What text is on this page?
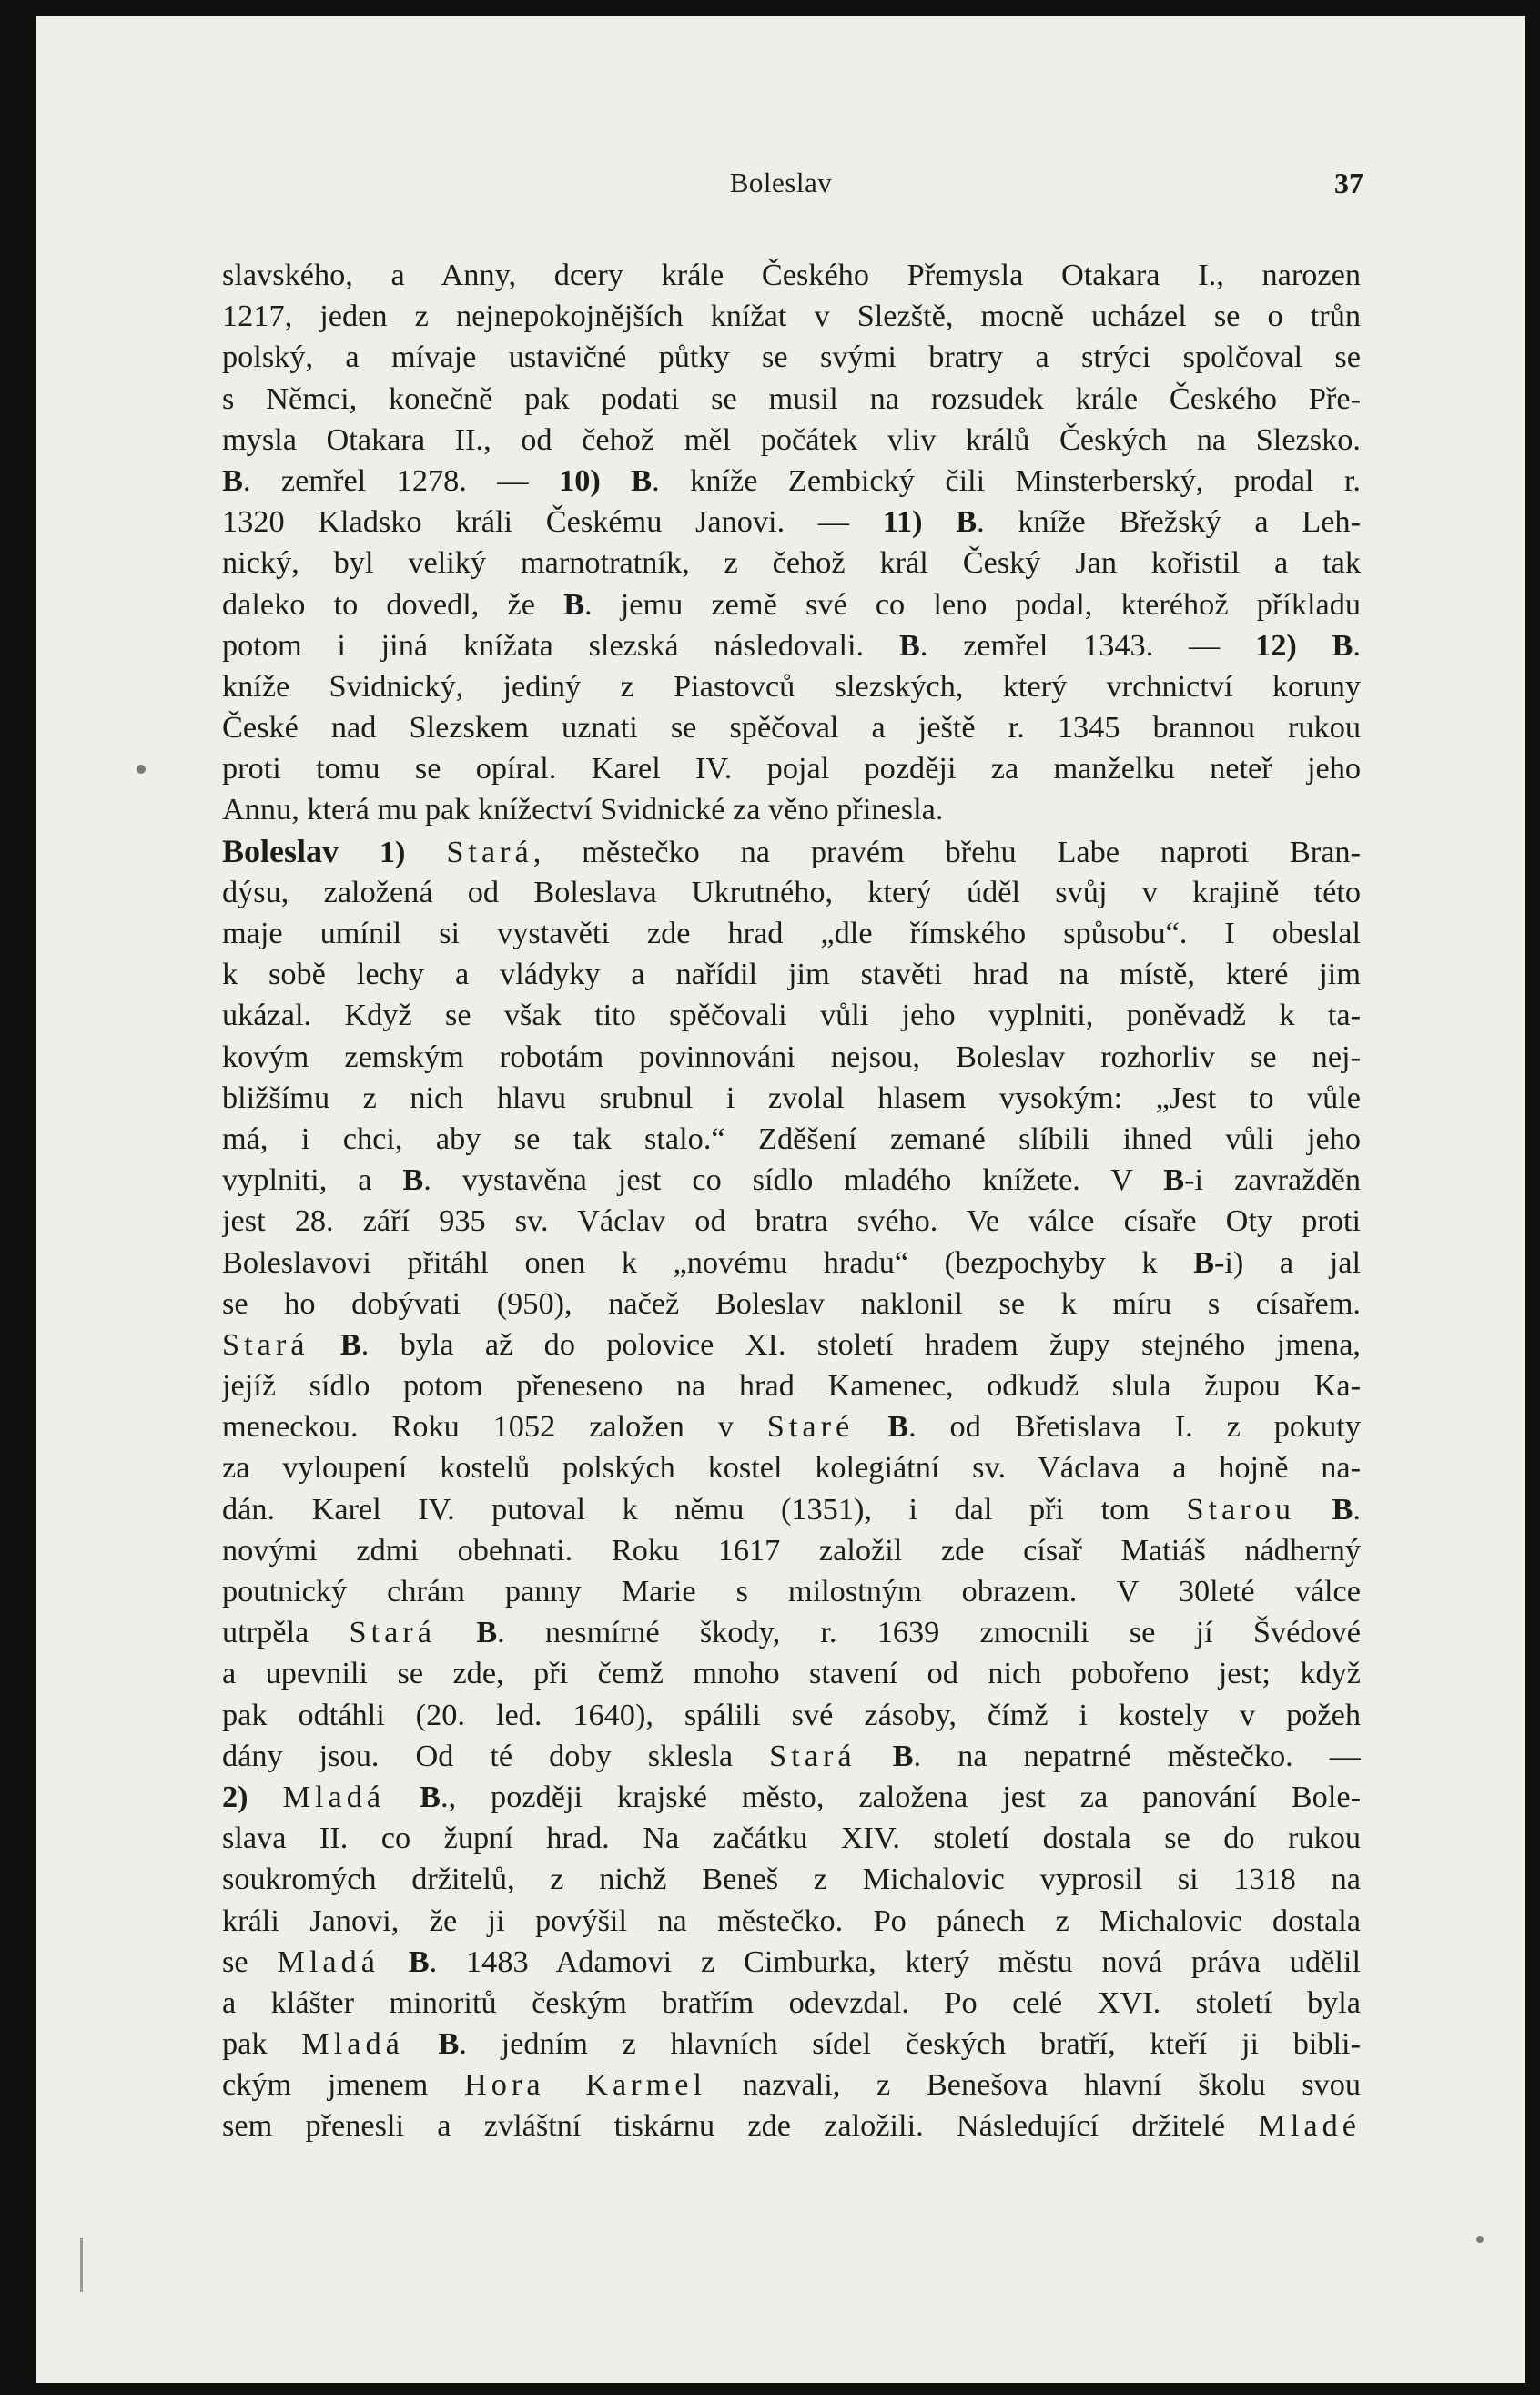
Boleslav	37
slavského, a Anny, dcery krále Českého Přemysla Otakara I., narozen
1217, jeden z nejnepokojnějších knížat v Slezště, mocně ucházel se o trůn
polský, a mívaje ustavičné půtky se svými bratry a strýci spolčoval se
s Němci, konečně pak podati se musil na rozsudek krále Českého Pře-
mysla Otakara II., od čehož měl počátek vliv králů Českých na Slezsko.
B. zemřel 1278. — 10) B. kníže Zembický čili Minsterberský, prodal r.
1320 Kladsko králi Českému Janovi. — 11) B. kníže Břežský a Leh-
nický, byl veliký marnotratník, z čehož král Český Jan kořistil a tak
daleko to dovedl, že B. jemu země své co leno podal, kteréhož příkladu
potom i jiná knížata slezská následovali. B. zemřel 1343. — 12) B.
kníže Svidnický, jediný z Piastovců slezských, který vrchnictví koruny
České nad Slezskem uznati se spěčoval a ještě r. 1345 brannou rukou
proti tomu se opíral. Karel IV. pojal později za manželku neteř jeho
Annu, která mu pak knížectví Svidnické za věno přinesla.
Boleslav 1) Stará, městečko na pravém břehu Labe naproti Bran-
dýsu, založená od Boleslava Ukrutného, který úděl svůj v krajině této
maje umínil si vystavěti zde hrad „dle římského spůsobu“. I obeslal
k sobě lechy a vládyky a nařídil jim stavěti hrad na místě, které jim
ukázal. Když se však tito spěčovali vůli jeho vyplniti, poněvadž k ta-
kovým zemským robotám povinnováni nejsou, Boleslav rozhorliv se nej-
bližšímu z nich hlavu srubnul i zvolal hlasem vysokým: „Jest to vůle
má, i chci, aby se tak stalo.“ Zděšení zemané slíbili ihned vůli jeho
vyplniti, a B. vystavěna jest co sídlo mladého knížete. V B-i zavražděn
jest 28. září 935 sv. Václav od bratra svého. Ve válce císaře Oty proti
Boleslavovi přitáhl onen k „novému hradu“ (bezpochyby k B-i) a jal
se ho dobývati (950), načež Boleslav naklonil se k míru s císařem.
Stará B. byla až do polovice XI. století hradem župy stejného jmena,
jejíž sídlo potom přeneseno na hrad Kamenec, odkudž slula župou Ka-
meneckou. Roku 1052 založen v Staré B. od Břetislava I. z pokuty
za vyloupení kostelů polských kostel kolegiátní sv. Václava a hojně na-
dán. Karel IV. putoval k němu (1351), i dal při tom Starou B.
novými zdmi obehnati. Roku 1617 založil zde císař Matiáš nádherný
poutnický chrám panny Marie s milostným obrazem. V 30leté válce
utrpěla Stará B. nesmírné škody, r. 1639 zmocnili se jí Švédové
a upevnili se zde, při čemž mnoho stavení od nich pobořeno jest; když
pak odtáhli (20. led. 1640), spálili své zásoby, čímž i kostely v požeh
dány jsou. Od té doby sklesla Stará B. na nepatrné městečko. —
2) Mladá B., později krajské město, založena jest za panování Bole-
slava II. co župní hrad. Na začátku XIV. století dostala se do rukou
soukromých držitelů, z nichž Beneš z Michalovic vyprosil si 1318 na
králi Janovi, že ji povýšil na městečko. Po pánech z Michalovic dostala
se Mladá B. 1483 Adamovi z Cimburka, který městu nová práva udělil
a klášter minoritů českým bratřím odevzdal. Po celé XVI. století byla
pak Mladá B. jedním z hlavních sídel českých bratří, kteří ji bibli-
ckým jmenem Hora Karmel nazvali, z Benešova hlavní školu svou
sem přenesli a zvláštní tiskárnu zde založili. Následující držitelé Mladé
